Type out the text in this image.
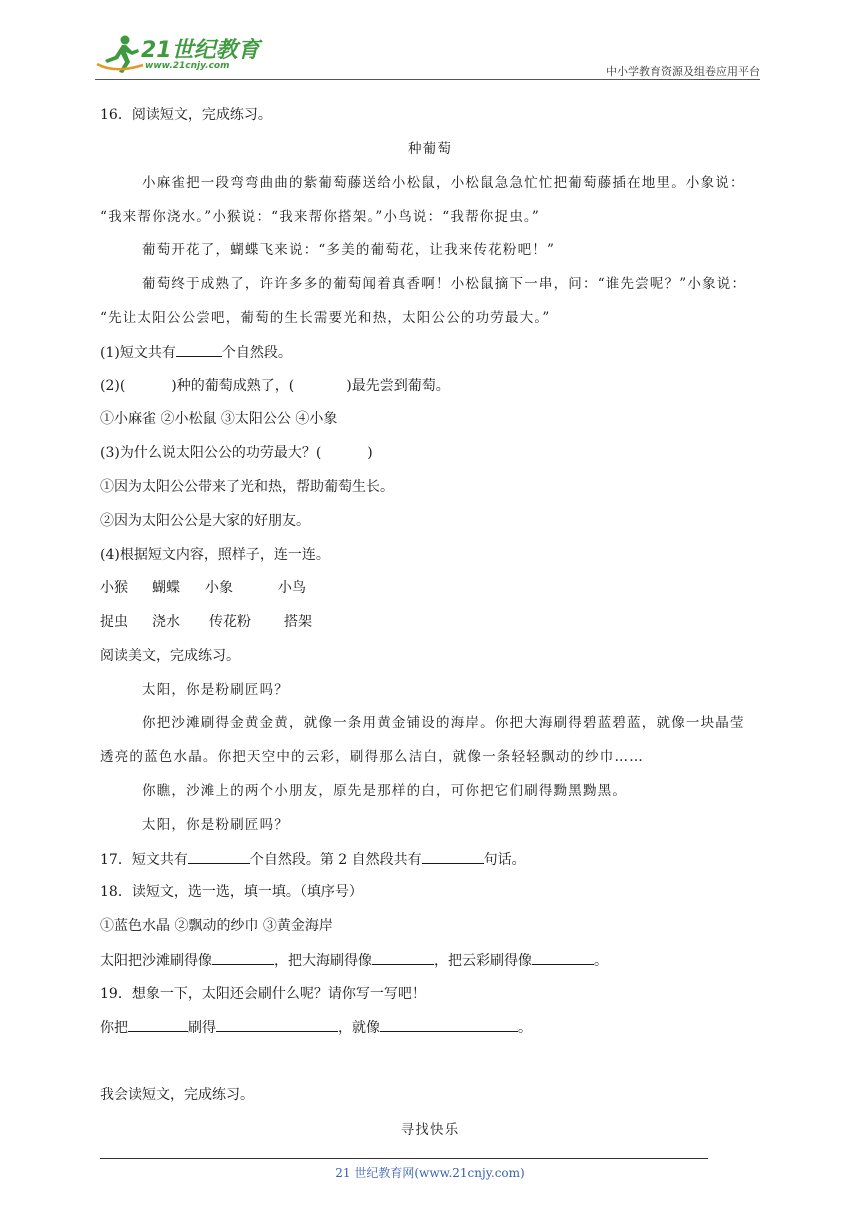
21世纪教育
www.21cnjy.com	中小学教育资源及组卷应用平台
16．阅读短文，完成练习。
种葡萄
小麻雀把一段弯弯曲曲的紫葡萄藤送给小松鼠，小松鼠急急忙忙把葡萄藤插在地里。小象说：
“我来帮你浇水。”小猴说：“我来帮你搭架。”小鸟说：“我帮你捉虫。”
葡萄开花了，蝴蝶飞来说：“多美的葡萄花，让我来传花粉吧！”
葡萄终于成熟了，许许多多的葡萄闻着真香啊！小松鼠摘下一串，问：“谁先尝呢？”小象说：
“先让太阳公公尝吧，葡萄的生长需要光和热，太阳公公的功劳最大。”
(1)短文共有	个自然段。
(2)(	)种的葡萄成熟了，(	)最先尝到葡萄。
①小麻雀 ②小松鼠 ③太阳公公 ④小象
(3)为什么说太阳公公的功劳最大？(	)
①因为太阳公公带来了光和热，帮助葡萄生长。
②因为太阳公公是大家的好朋友。
(4)根据短文内容，照样子，连一连。
小猴 蝴蝶 小象	小鸟
捉虫 浇水 传花粉 搭架
阅读美文，完成练习。
太阳，你是粉刷匠吗？
你把沙滩刷得金黄金黄，就像一条用黄金铺设的海岸。你把大海刷得碧蓝碧蓝，就像一块晶莹
透亮的蓝色水晶。你把天空中的云彩，刷得那么洁白，就像一条轻轻飘动的纱巾……
你瞧，沙滩上的两个小朋友，原先是那样的白，可你把它们刷得黝黑黝黑。
太阳，你是粉刷匠吗？
17．短文共有	个自然段。第 2 自然段共有	句话。
18．读短文，选一选，填一填。（填序号）
①蓝色水晶 ②飘动的纱巾 ③黄金海岸
太阳把沙滩刷得像	，把大海刷得像	，把云彩刷得像	。
19．想象一下，太阳还会刷什么呢？请你写一写吧！
你把	刷得	，就像	。
我会读短文，完成练习。
寻找快乐
21 世纪教育网(www.21cnjy.com)
